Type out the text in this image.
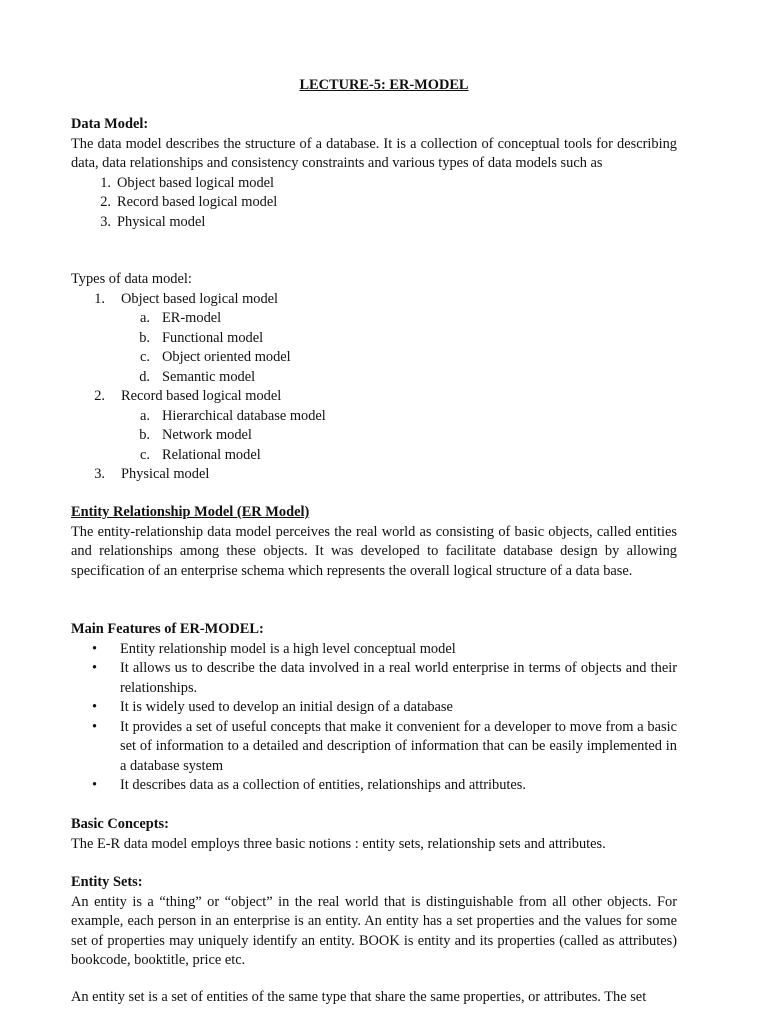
LECTURE-5: ER-MODEL
Data Model:

The data model describes the structure of a database. It is a collection of conceptual tools for describing data, data relationships and consistency constraints and various types of data models such as

1. Object based logical model
2. Record based logical model
3. Physical model
Types of data model:
1.	Object based logical model
a. ER-model
b. Functional model
c. Object oriented model
d. Semantic model
2.	Record based logical model
a. Hierarchical database model
b. Network model
c. Relational model
3.	Physical model
Entity Relationship Model (ER Model)

The entity-relationship data model perceives the real world as consisting of basic objects, called entities and relationships among these objects. It was developed to facilitate database design by allowing specification of an enterprise schema which represents the overall logical structure of a data base.

Main Features of ER-MODEL:
•	Entity relationship model is a high level conceptual model
•	It allows us to describe the data involved in a real world enterprise in terms of objects and their relationships.
•	It is widely used to develop an initial design of a database
•	It provides a set of useful concepts that make it convenient for a developer to move from a basic set of information to a detailed and description of information that can be easily implemented in a database system
•	It describes data as a collection of entities, relationships and attributes.
Basic Concepts:

The E-R data model employs three basic notions : entity sets, relationship sets and attributes.

Entity Sets:

An entity is a “thing” or “object” in the real world that is distinguishable from all other objects. For example, each person in an enterprise is an entity. An entity has a set properties and the values for some set of properties may uniquely identify an entity. BOOK is entity and its properties (called as attributes) bookcode, booktitle, price etc.

An entity set is a set of entities of the same type that share the same properties, or attributes. The set
